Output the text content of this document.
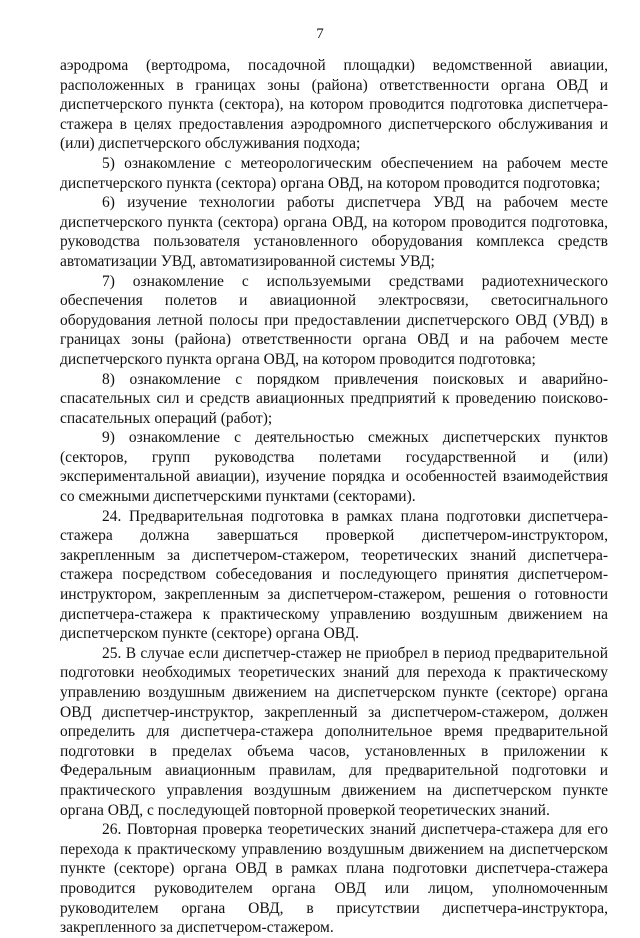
7

аэродрома (вертодрома, посадочной площадки) ведомственной авиации, расположенных в границах зоны (района) ответственности органа ОВД и диспетчерского пункта (сектора), на котором проводится подготовка диспетчера-стажера в целях предоставления аэродромного диспетчерского обслуживания и (или) диспетчерского обслуживания подхода;

5) ознакомление с метеорологическим обеспечением на рабочем месте диспетчерского пункта (сектора) органа ОВД, на котором проводится подготовка;

6) изучение технологии работы диспетчера УВД на рабочем месте диспетчерского пункта (сектора) органа ОВД, на котором проводится подготовка, руководства пользователя установленного оборудования комплекса средств автоматизации УВД, автоматизированной системы УВД;

7) ознакомление с используемыми средствами радиотехнического обеспечения полетов и авиационной электросвязи, светосигнального оборудования летной полосы при предоставлении диспетчерского ОВД (УВД) в границах зоны (района) ответственности органа ОВД и на рабочем месте диспетчерского пункта органа ОВД, на котором проводится подготовка;

8) ознакомление с порядком привлечения поисковых и аварийно-спасательных сил и средств авиационных предприятий к проведению поисково-спасательных операций (работ);

9) ознакомление с деятельностью смежных диспетчерских пунктов (секторов, групп руководства полетами государственной и (или) экспериментальной авиации), изучение порядка и особенностей взаимодействия со смежными диспетчерскими пунктами (секторами).

24. Предварительная подготовка в рамках плана подготовки диспетчера-стажера должна завершаться проверкой диспетчером-инструктором, закрепленным за диспетчером-стажером, теоретических знаний диспетчера-стажера посредством собеседования и последующего принятия диспетчером-инструктором, закрепленным за диспетчером-стажером, решения о готовности диспетчера-стажера к практическому управлению воздушным движением на диспетчерском пункте (секторе) органа ОВД.

25. В случае если диспетчер-стажер не приобрел в период предварительной подготовки необходимых теоретических знаний для перехода к практическому управлению воздушным движением на диспетчерском пункте (секторе) органа ОВД диспетчер-инструктор, закрепленный за диспетчером-стажером, должен определить для диспетчера-стажера дополнительное время предварительной подготовки в пределах объема часов, установленных в приложении к Федеральным авиационным правилам, для предварительной подготовки и практического управления воздушным движением на диспетчерском пункте органа ОВД, с последующей повторной проверкой теоретических знаний.

26. Повторная проверка теоретических знаний диспетчера-стажера для его перехода к практическому управлению воздушным движением на диспетчерском пункте (секторе) органа ОВД в рамках плана подготовки диспетчера-стажера проводится руководителем органа ОВД или лицом, уполномоченным руководителем органа ОВД, в присутствии диспетчера-инструктора, закрепленного за диспетчером-стажером.
